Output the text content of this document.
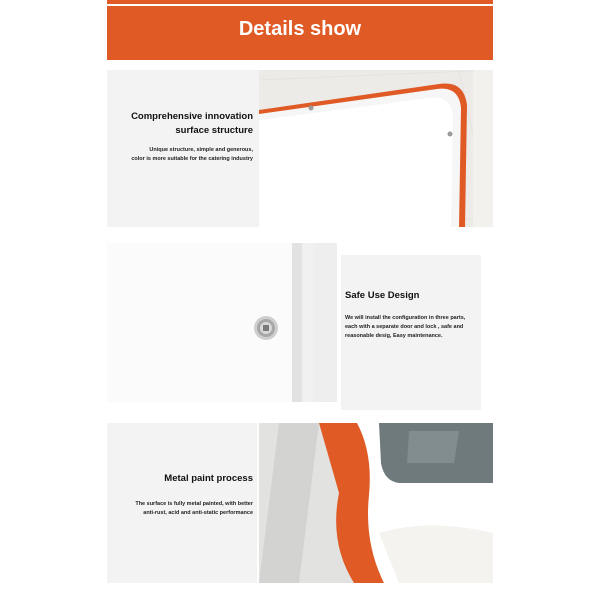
Details show
Comprehensive innovation
surface structure
Unique structure, simple and generous,
color is more suitable for the catering industry
Safe Use Design
We will install the configuration in three parts,
each with a separate door and lock , safe and
reasonable desig, Easy maintenance.
Metal paint process
The surface is fully metal painted, with better
anti-rust, acid and anti-static performance
